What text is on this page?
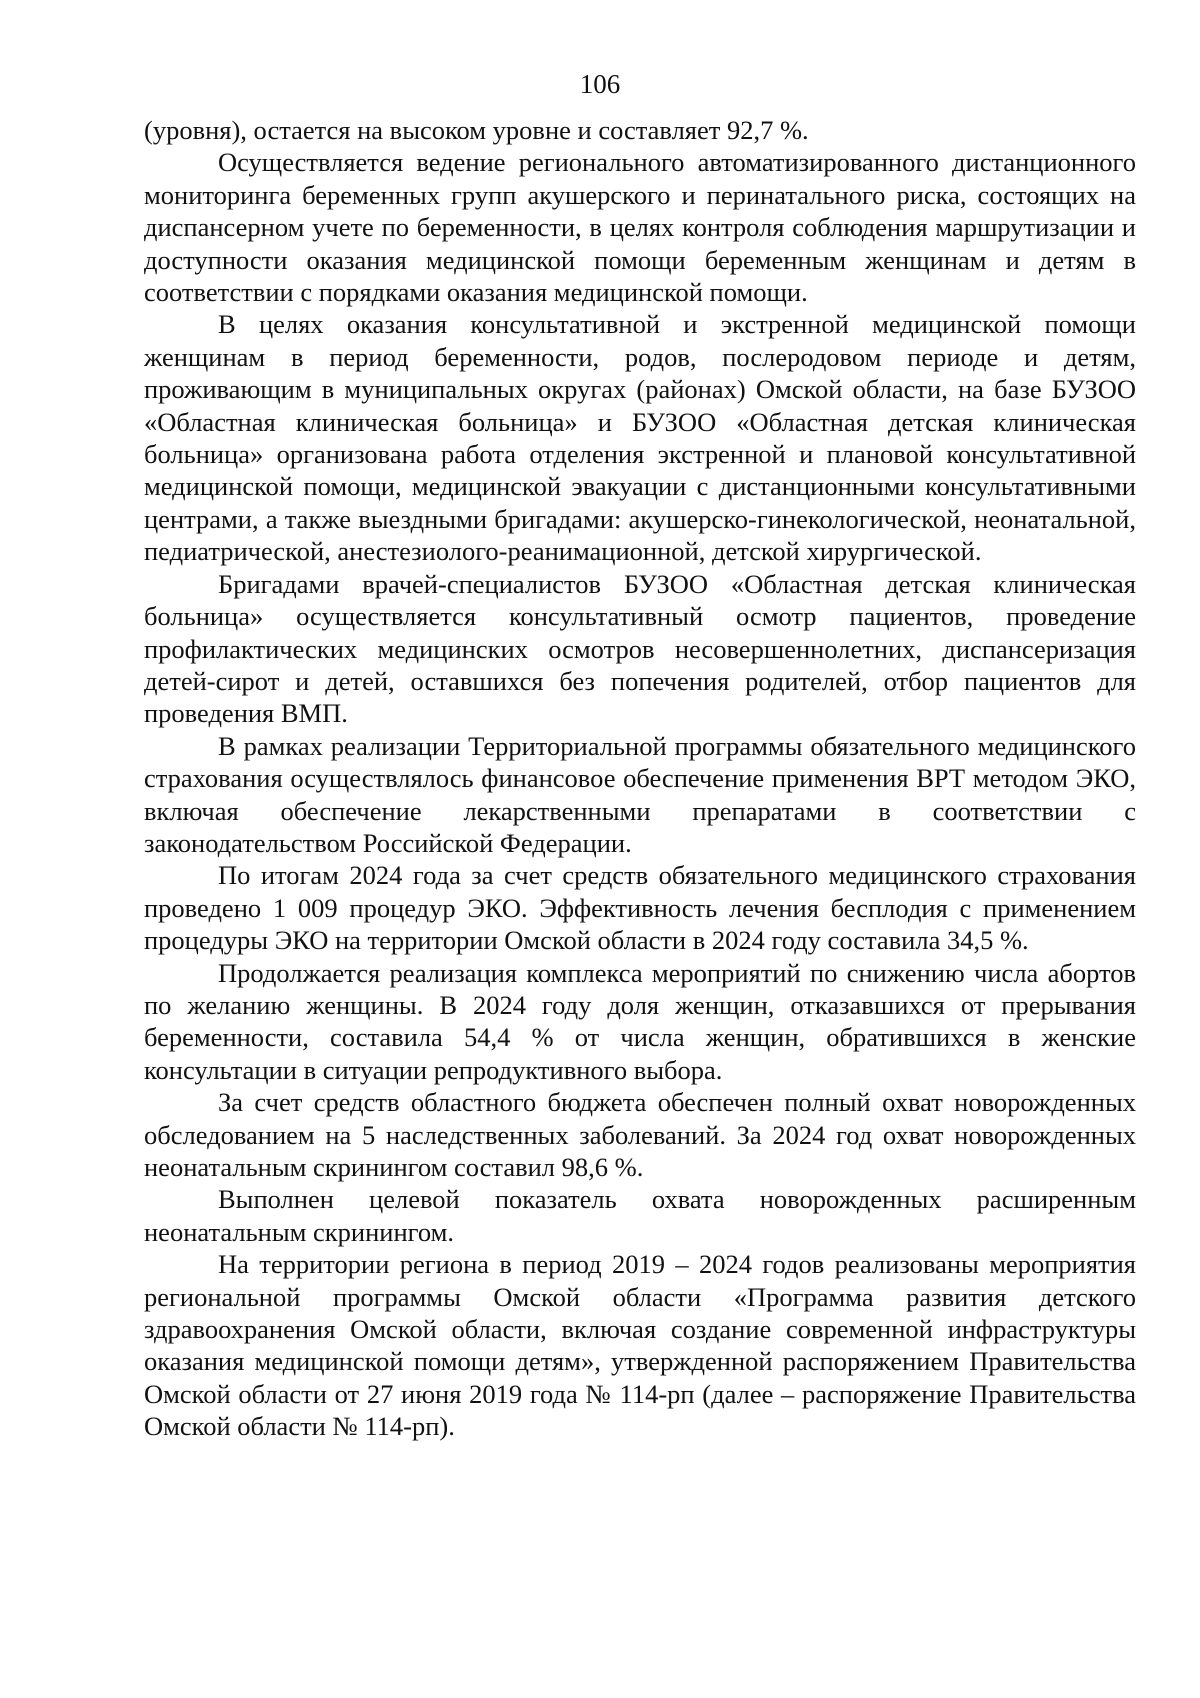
106

(уровня), остается на высоком уровне и составляет 92,7 %.

Осуществляется ведение регионального автоматизированного дистанционного мониторинга беременных групп акушерского и перинатального риска, состоящих на диспансерном учете по беременности, в целях контроля соблюдения маршрутизации и доступности оказания медицинской помощи беременным женщинам и детям в соответствии с порядками оказания медицинской помощи.

В целях оказания консультативной и экстренной медицинской помощи женщинам в период беременности, родов, послеродовом периоде и детям, проживающим в муниципальных округах (районах) Омской области, на базе БУЗОО «Областная клиническая больница» и БУЗОО «Областная детская клиническая больница» организована работа отделения экстренной и плановой консультативной медицинской помощи, медицинской эвакуации с дистанционными консультативными центрами, а также выездными бригадами: акушерско-гинекологической, неонатальной, педиатрической, анестезиолого-реанимационной, детской хирургической.

Бригадами врачей-специалистов БУЗОО «Областная детская клиническая больница» осуществляется консультативный осмотр пациентов, проведение профилактических медицинских осмотров несовершеннолетних, диспансеризация детей-сирот и детей, оставшихся без попечения родителей, отбор пациентов для проведения ВМП.

В рамках реализации Территориальной программы обязательного медицинского страхования осуществлялось финансовое обеспечение применения ВРТ методом ЭКО, включая обеспечение лекарственными препаратами в соответствии с законодательством Российской Федерации.

По итогам 2024 года за счет средств обязательного медицинского страхования проведено 1 009 процедур ЭКО. Эффективность лечения бесплодия с применением процедуры ЭКО на территории Омской области в 2024 году составила 34,5 %.

Продолжается реализация комплекса мероприятий по снижению числа абортов по желанию женщины. В 2024 году доля женщин, отказавшихся от прерывания беременности, составила 54,4 % от числа женщин, обратившихся в женские консультации в ситуации репродуктивного выбора.

За счет средств областного бюджета обеспечен полный охват новорожденных обследованием на 5 наследственных заболеваний. За 2024 год охват новорожденных неонатальным скринингом составил 98,6 %.

Выполнен целевой показатель охвата новорожденных расширенным неонатальным скринингом.

На территории региона в период 2019 – 2024 годов реализованы мероприятия региональной программы Омской области «Программа развития детского здравоохранения Омской области, включая создание современной инфраструктуры оказания медицинской помощи детям», утвержденной распоряжением Правительства Омской области от 27 июня 2019 года № 114-рп (далее – распоряжение Правительства Омской области № 114-рп).
